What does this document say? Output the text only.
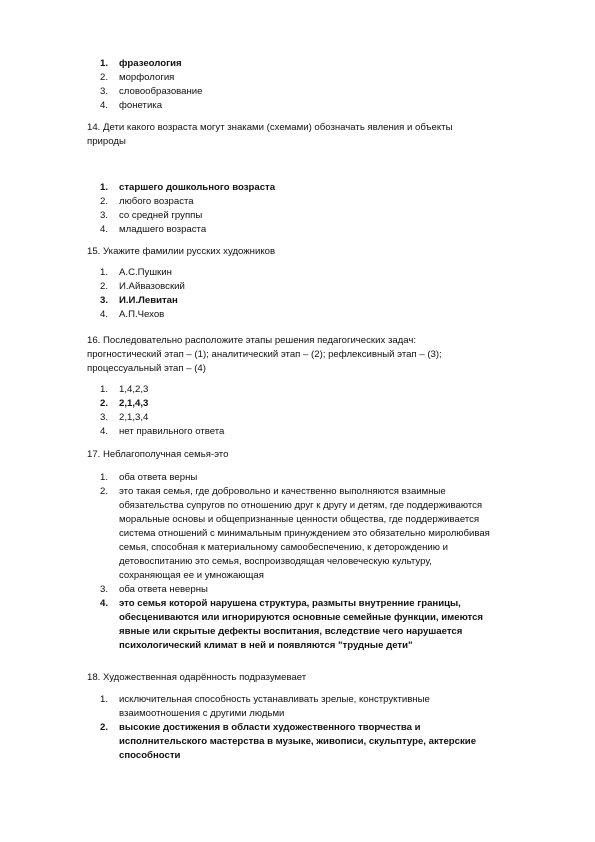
1. фразеология
2. морфология
3. словообразование
4. фонетика
14. Дети какого возраста могут знаками (схемами) обозначать явления и объекты
природы
1. старшего дошкольного возраста
2. любого возраста
3. со средней группы
4. младшего возраста
15. Укажите фамилии русских художников
1. А.С.Пушкин
2. И.Айвазовский
3. И.И.Левитан
4. А.П.Чехов
16. Последовательно расположите этапы решения педагогических задач:
прогностический этап – (1); аналитический этап – (2); рефлексивный этап – (3);
процессуальный этап – (4)
1. 1,4,2,3
2. 2,1,4,3
3. 2,1,3,4
4. нет правильного ответа
17. Неблагополучная семья-это
1. оба ответа верны
2. это такая семья, где добровольно и качественно выполняются взаимные
обязательства супругов по отношению друг к другу и детям, где поддерживаются
моральные основы и общепризнанные ценности общества, где поддерживается
система отношений с минимальным принуждением это обязательно миролюбивая
семья, способная к материальному самообеспечению, к деторождению и
детовоспитанию это семья, воспроизводящая человеческую культуру,
сохраняющая ее и умножающая
3. оба ответа неверны
4. это семья которой нарушена структура, размыты внутренние границы,
обесцениваются или игнорируются основные семейные функции, имеются
явные или скрытые дефекты воспитания, вследствие чего нарушается
психологический климат в ней и появляются "трудные дети"
18. Художественная одарённость подразумевает
1. исключительная способность устанавливать зрелые, конструктивные
взаимоотношения с другими людьми
2. высокие достижения в области художественного творчества и
исполнительского мастерства в музыке, живописи, скульптуре, актерские
способности
